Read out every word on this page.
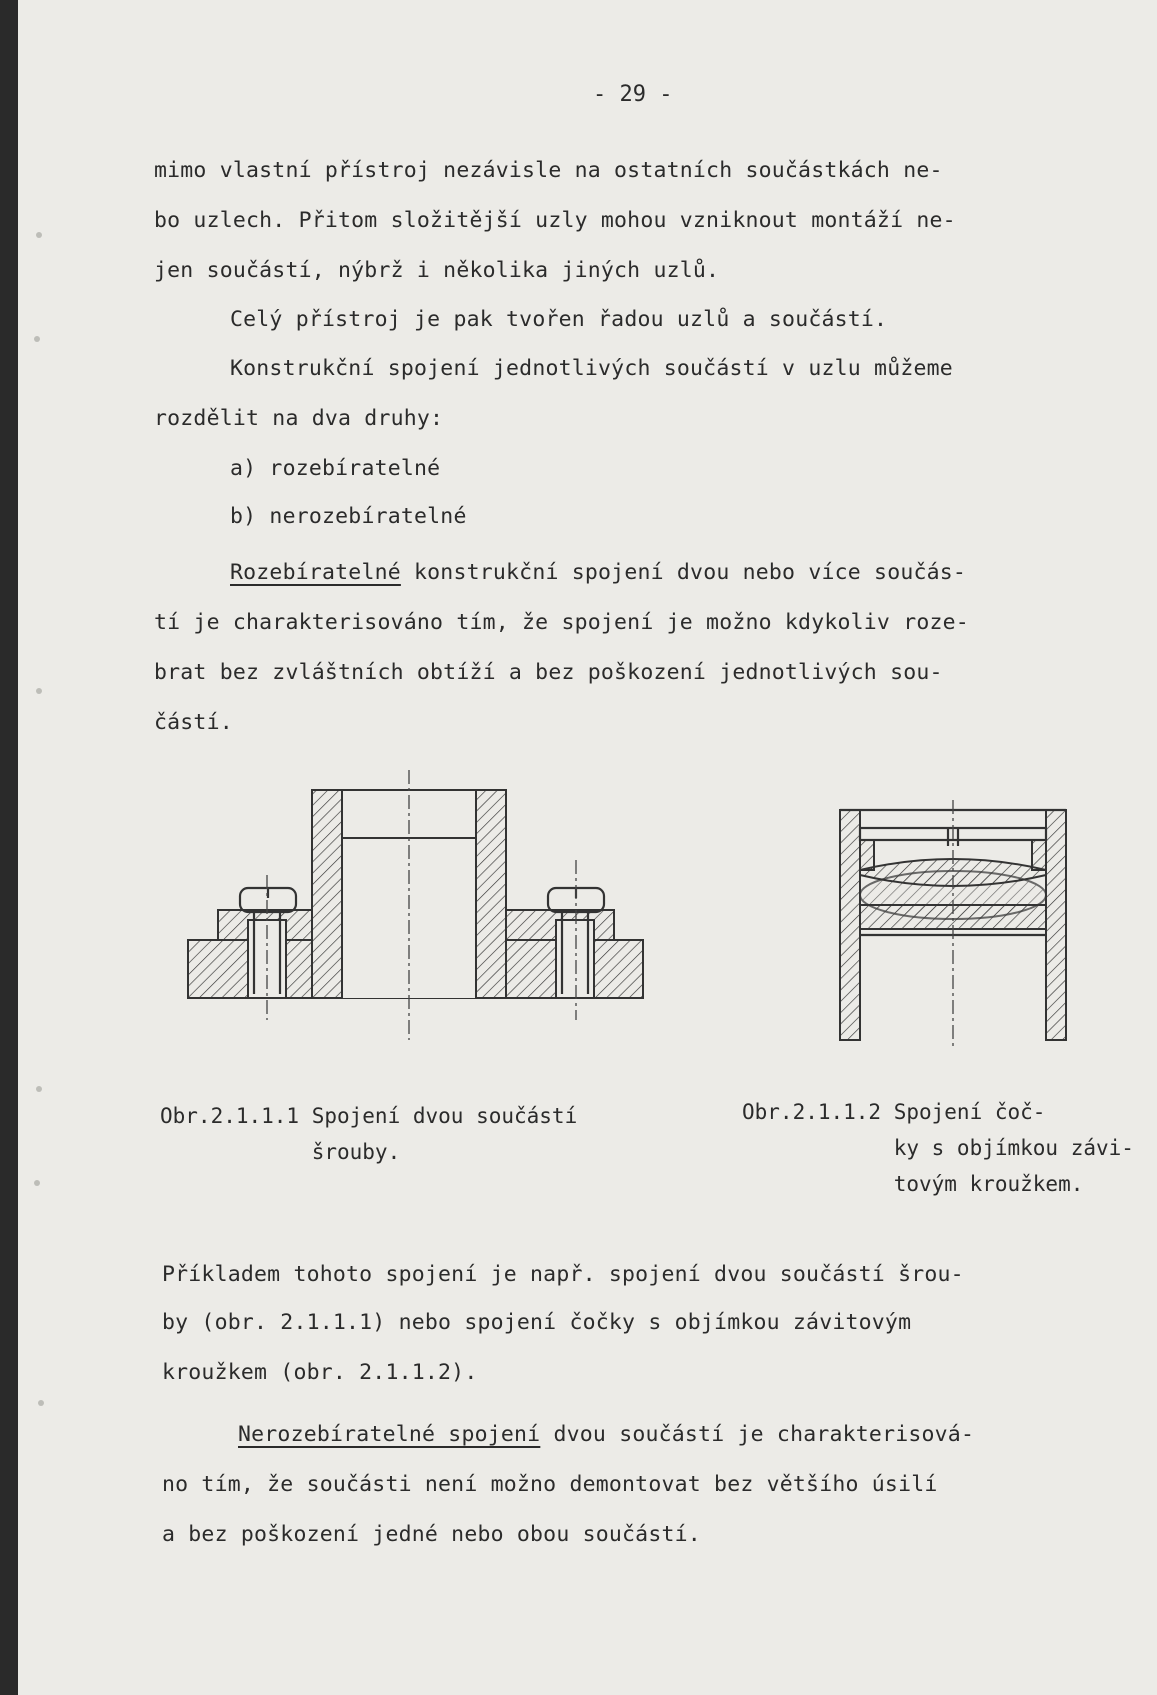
- 29 -
mimo vlastní přístroj nezávisle na ostatních součástkách ne-
bo uzlech. Přitom složitější uzly mohou vzniknout montáží ne-
jen součástí, nýbrž i několika jiných uzlů.
Celý přístroj je pak tvořen řadou uzlů a součástí.
Konstrukční spojení jednotlivých součástí v uzlu můžeme
rozdělit na dva druhy:
a) rozebíratelné
b) nerozebíratelné
Rozebíratelné konstrukční spojení dvou nebo více součás-
tí je charakterisováno tím, že spojení je možno kdykoliv roze-
brat bez zvláštních obtíží a bez poškození jednotlivých sou-
částí.
Obr.2.1.1.1 Spojení dvou součástí
šrouby.
Obr.2.1.1.2 Spojení čoč-
ky s objímkou závi-
tovým kroužkem.
Příkladem tohoto spojení je např. spojení dvou součástí šrou-
by (obr. 2.1.1.1) nebo spojení čočky s objímkou závitovým
kroužkem (obr. 2.1.1.2).
Nerozebíratelné spojení dvou součástí je charakterisová-
no tím, že součásti není možno demontovat bez většího úsilí
a bez poškození jedné nebo obou součástí.
